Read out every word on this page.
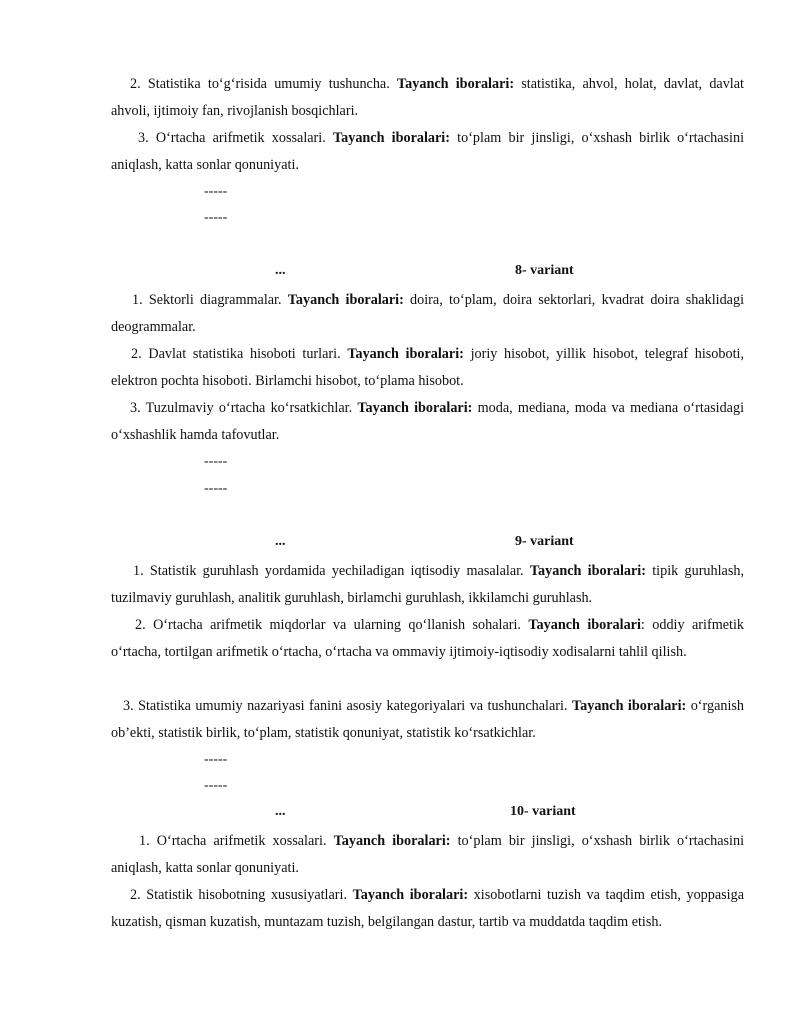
2. Statistika to‘g‘risida umumiy tushuncha. Tayanch iboralari: statistika, ahvol, holat, davlat, davlat ahvoli, ijtimoiy fan, rivojlanish bosqichlari.

3. O‘rtacha arifmetik xossalari. Tayanch iboralari: to‘plam bir jinsligi, o‘xshash birlik o‘rtachasini aniqlash, katta sonlar qonuniyati.

-----

-----

...	8- variant

1. Sektorli diagrammalar. Tayanch iboralari: doira, to‘plam, doira sektorlari, kvadrat doira shaklidagi deogrammalar.

2. Davlat statistika hisoboti turlari. Tayanch iboralari: joriy hisobot, yillik hisobot, telegraf hisoboti, elektron pochta hisoboti. Birlamchi hisobot, to‘plama hisobot.

3. Tuzulmaviy o‘rtacha ko‘rsatkichlar. Tayanch iboralari: moda, mediana, moda va mediana o‘rtasidagi o‘xshashlik hamda tafovutlar.

-----

-----

...	9- variant

1. Statistik guruhlash yordamida yechiladigan iqtisodiy masalalar. Tayanch iboralari: tipik guruhlash, tuzilmaviy guruhlash, analitik guruhlash, birlamchi guruhlash, ikkilamchi guruhlash.

2. O‘rtacha arifmetik miqdorlar va ularning qo‘llanish sohalari. Tayanch iboralari: oddiy arifmetik o‘rtacha, tortilgan arifmetik o‘rtacha, o‘rtacha va ommaviy ijtimoiy-iqtisodiy xodisalarni tahlil qilish.

3. Statistika umumiy nazariyasi fanini asosiy kategoriyalari va tushunchalari. Tayanch iboralari: o‘rganish ob’ekti, statistik birlik, to‘plam, statistik qonuniyat, statistik ko‘rsatkichlar.

-----

-----

...	10- variant

1. O‘rtacha arifmetik xossalari. Tayanch iboralari: to‘plam bir jinsligi, o‘xshash birlik o‘rtachasini aniqlash, katta sonlar qonuniyati.

2. Statistik hisobotning xususiyatlari. Tayanch iboralari: xisobotlarni tuzish va taqdim etish, yoppasiga kuzatish, qisman kuzatish, muntazam tuzish, belgilangan dastur, tartib va muddatda taqdim etish.
